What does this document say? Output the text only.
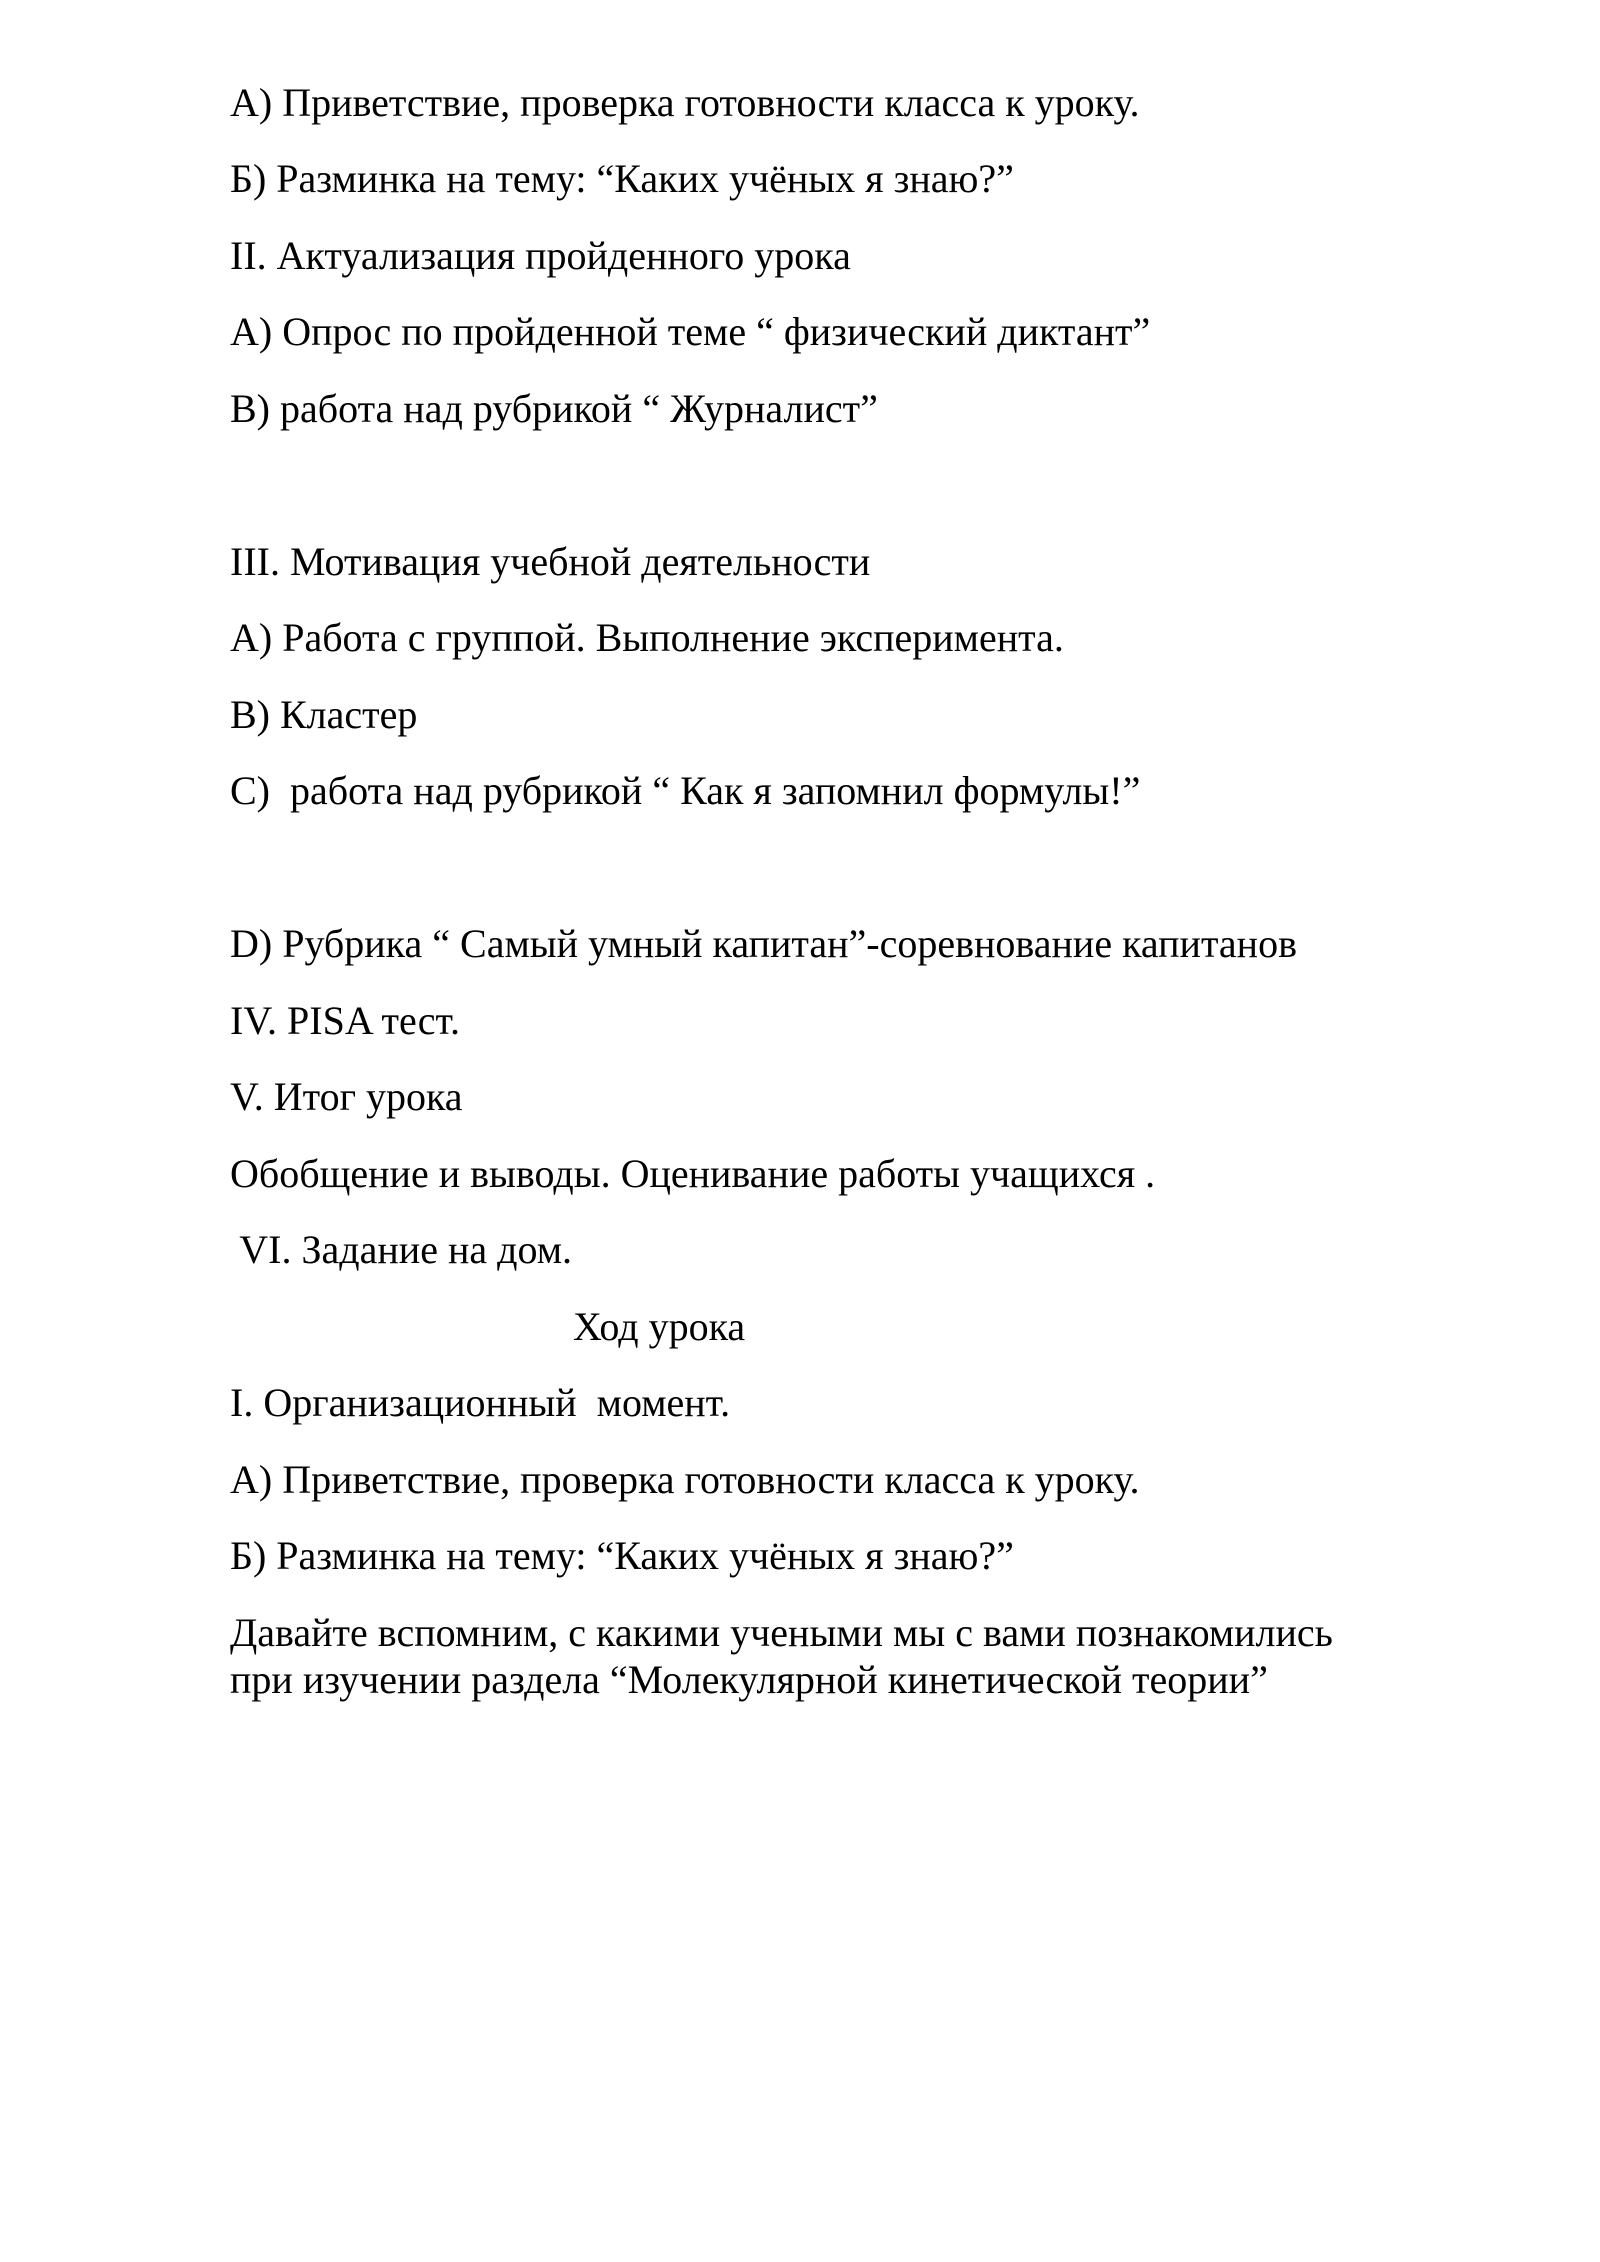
А) Приветствие, проверка готовности класса к уроку.
Б) Разминка на тему: “Каких учёных я знаю?”
II. Актуализация пройденного урока
А) Опрос по пройденной теме “ физический диктант”
В) работа над рубрикой “ Журналист”
III. Мотивация учебной деятельности
А) Работа с группой. Выполнение эксперимента.
В) Кластер
С)  работа над рубрикой “ Как я запомнил формулы!”
D) Рубрика “ Самый умный капитан”-соревнование капитанов
IV. PISA тест.
V. Итог урока
Обобщение и выводы. Оценивание работы учащихся .
VI. Задание на дом.
Ход урока
I. Организационный  момент.
А) Приветствие, проверка готовности класса к уроку.
Б) Разминка на тему: “Каких учёных я знаю?”
Давайте вспомним, с какими учеными мы с вами познакомились
при изучении раздела “Молекулярной кинетической теории”
